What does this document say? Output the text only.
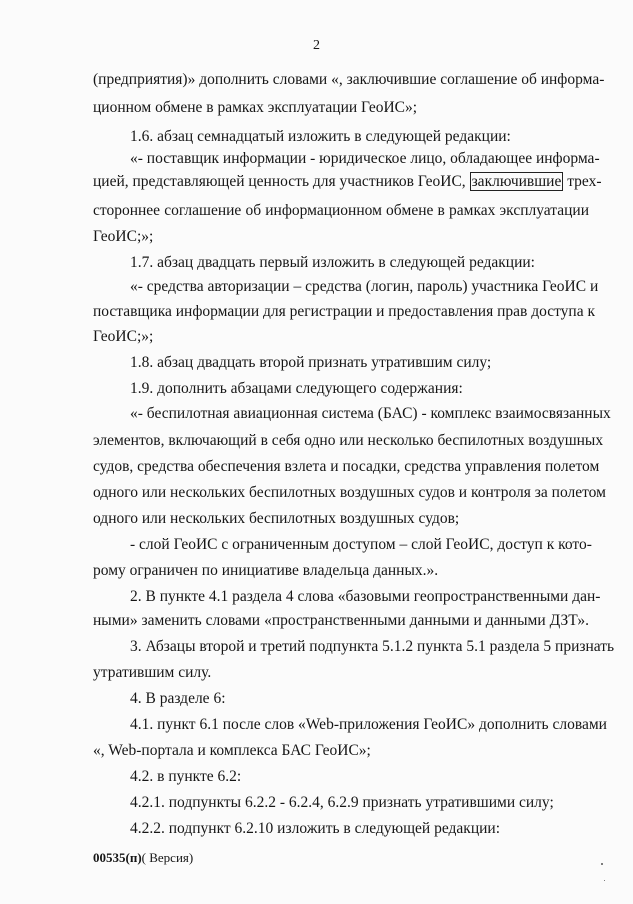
2
(предприятия)» дополнить словами «, заключившие соглашение об информа-
ционном обмене в рамках эксплуатации ГеоИС»;
1.6. абзац семнадцатый изложить в следующей редакции:
«- поставщик информации - юридическое лицо, обладающее информа-
цией, представляющей ценность для участников ГеоИС, заключившие трех-
стороннее соглашение об информационном обмене в рамках эксплуатации
ГеоИС;»;
1.7. абзац двадцать первый изложить в следующей редакции:
«- средства авторизации – средства (логин, пароль) участника ГеоИС и
поставщика информации для регистрации и предоставления прав доступа к
ГеоИС;»;
1.8. абзац двадцать второй признать утратившим силу;
1.9. дополнить абзацами следующего содержания:
«- беспилотная авиационная система (БАС) - комплекс взаимосвязанных
элементов, включающий в себя одно или несколько беспилотных воздушных
судов, средства обеспечения взлета и посадки, средства управления полетом
одного или нескольких беспилотных воздушных судов и контроля за полетом
одного или нескольких беспилотных воздушных судов;
- слой ГеоИС с ограниченным доступом – слой ГеоИС, доступ к кото-
рому ограничен по инициативе владельца данных.».
2. В пункте 4.1 раздела 4 слова «базовыми геопространственными дан-
ными» заменить словами «пространственными данными и данными ДЗТ».
3. Абзацы второй и третий подпункта 5.1.2 пункта 5.1 раздела 5 признать
утратившим силу.
4. В разделе 6:
4.1. пункт 6.1 после слов «Web-приложения ГеоИС» дополнить словами
«, Web-портала и комплекса БАС ГеоИС»;
4.2. в пункте 6.2:
4.2.1. подпункты 6.2.2 - 6.2.4, 6.2.9 признать утратившими силу;
4.2.2. подпункт 6.2.10 изложить в следующей редакции:
00535(п)( Версия)
